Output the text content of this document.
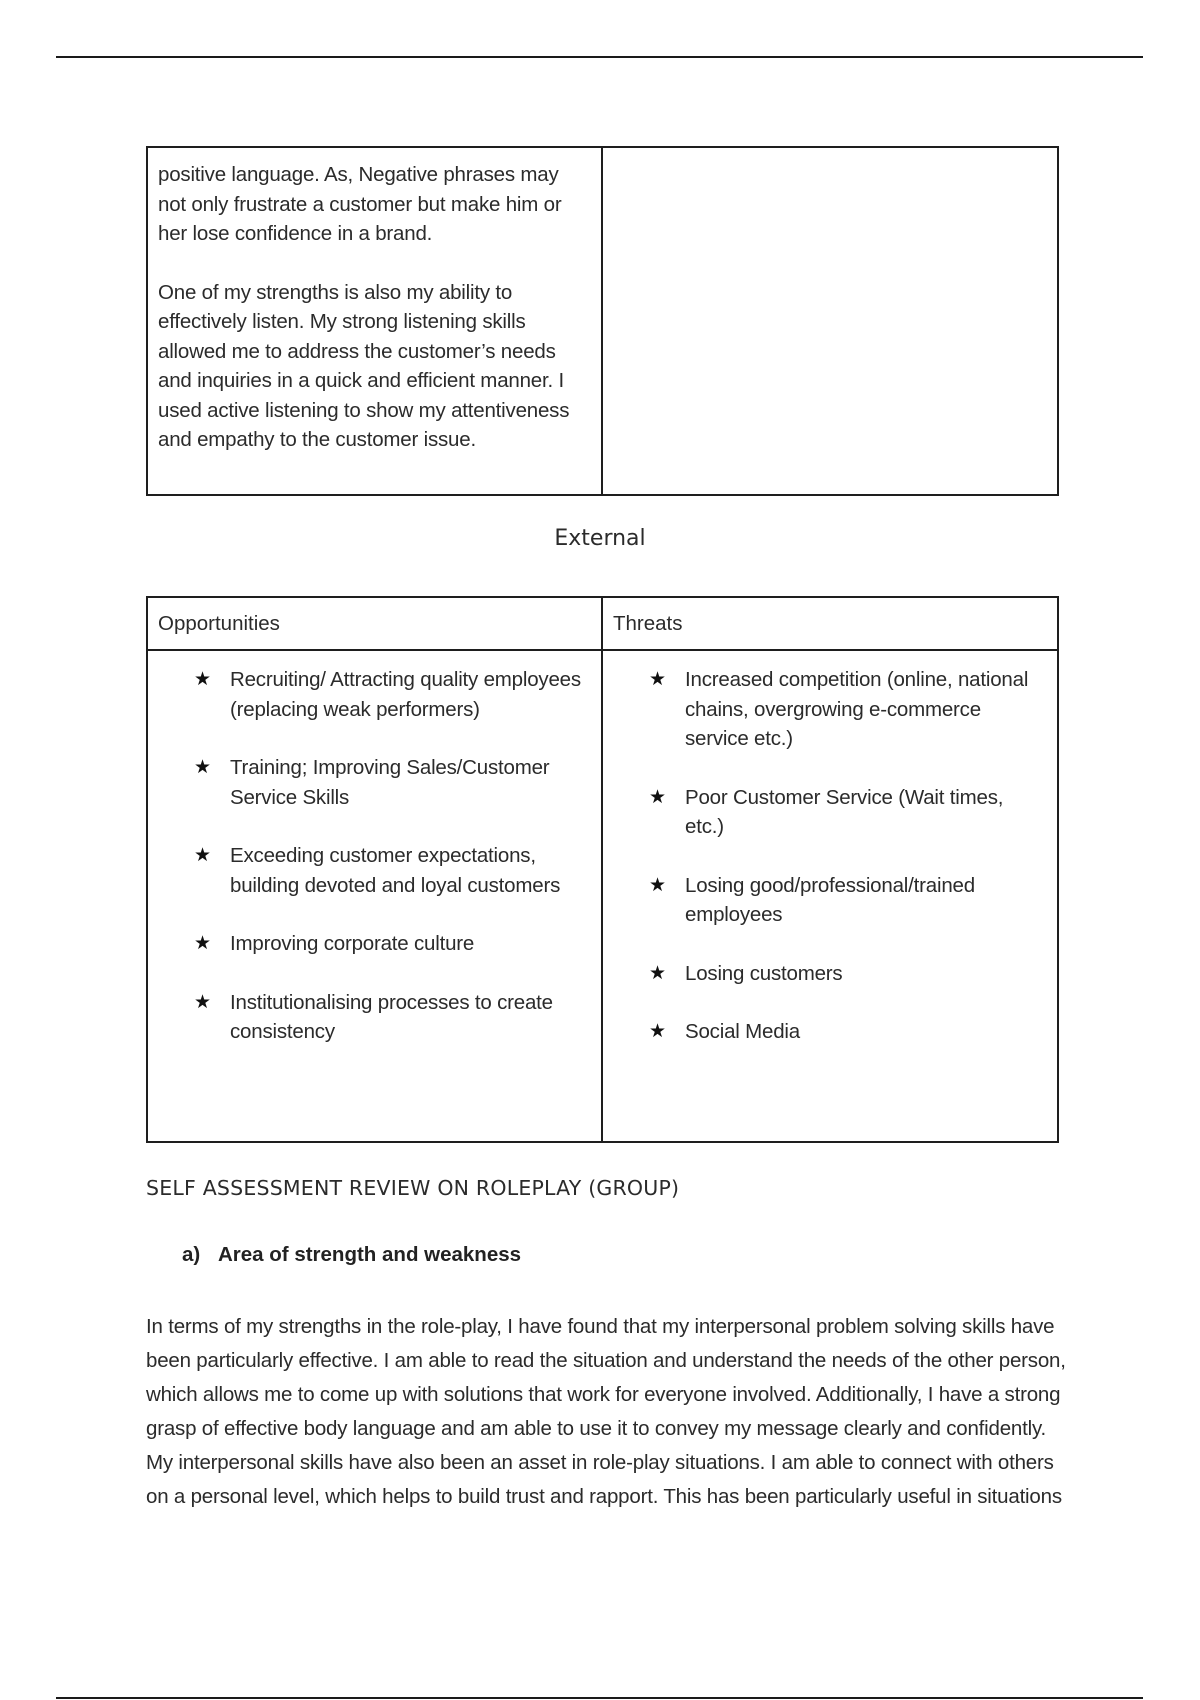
positive language. As, Negative phrases may not only frustrate a customer but make him or her lose confidence in a brand.

One of my strengths is also my ability to effectively listen. My strong listening skills allowed me to address the customer’s needs and inquiries in a quick and efficient manner. I used active listening to show my attentiveness and empathy to the customer issue.

External
Opportunities	Threats

★ Recruiting/ Attracting quality employees (replacing weak performers)
★ Training; Improving Sales/Customer Service Skills
★ Exceeding customer expectations, building devoted and loyal customers
★ Improving corporate culture
★ Institutionalising processes to create consistency

★ Increased competition (online, national chains, overgrowing e-commerce service etc.)
★ Poor Customer Service (Wait times, etc.)
★ Losing good/professional/trained employees
★ Losing customers
★ Social Media
SELF ASSESSMENT REVIEW ON ROLEPLAY (GROUP)
a) Area of strength and weakness
In terms of my strengths in the role-play, I have found that my interpersonal problem solving skills have been particularly effective. I am able to read the situation and understand the needs of the other person, which allows me to come up with solutions that work for everyone involved. Additionally, I have a strong grasp of effective body language and am able to use it to convey my message clearly and confidently. My interpersonal skills have also been an asset in role-play situations. I am able to connect with others on a personal level, which helps to build trust and rapport. This has been particularly useful in situations
